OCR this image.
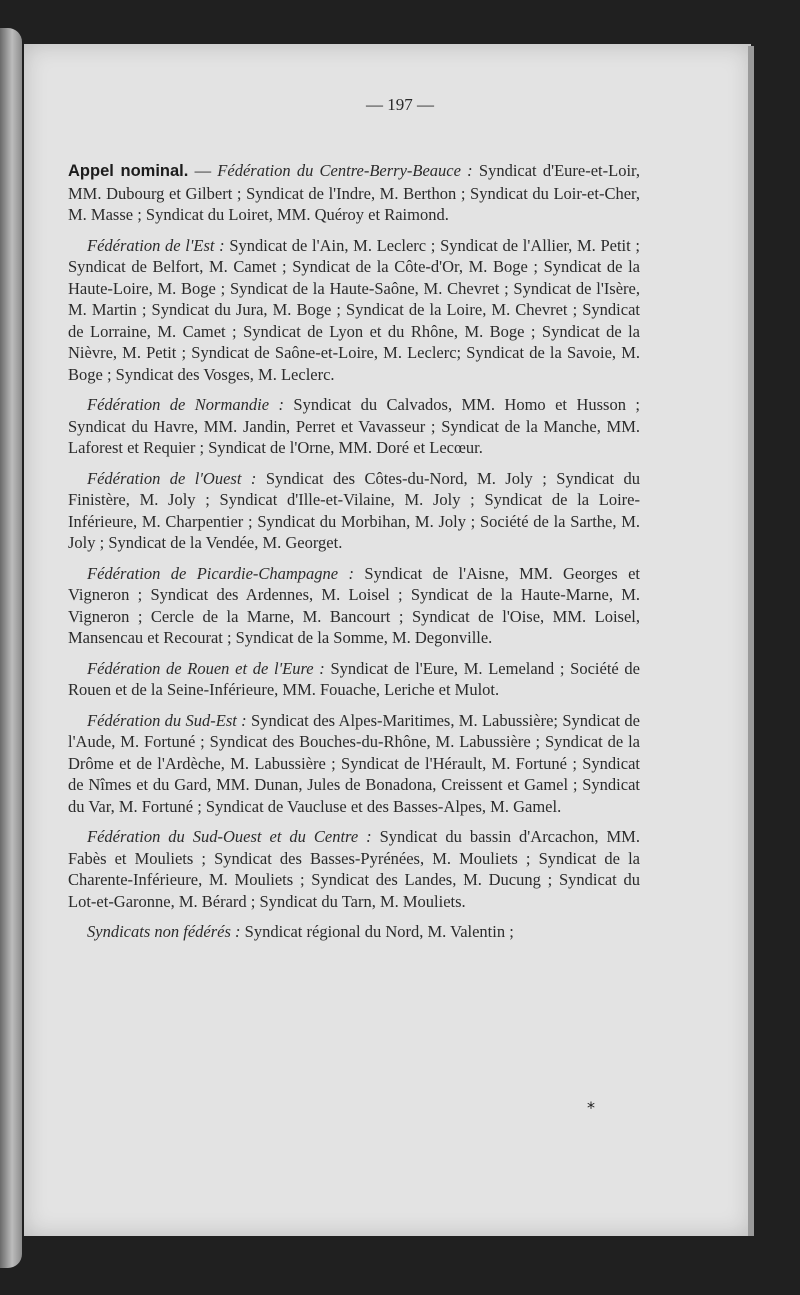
— 197 —

Appel nominal. — Fédération du Centre-Berry-Beauce : Syndicat d'Eure-et-Loir, MM. Dubourg et Gilbert ; Syndicat de l'Indre, M. Berthon ; Syndicat du Loir-et-Cher, M. Masse ; Syndicat du Loiret, MM. Quéroy et Raimond.

Fédération de l'Est : Syndicat de l'Ain, M. Leclerc ; Syndicat de l'Allier, M. Petit ; Syndicat de Belfort, M. Camet ; Syndicat de la Côte-d'Or, M. Boge ; Syndicat de la Haute-Loire, M. Boge ; Syndicat de la Haute-Saône, M. Chevret ; Syndicat de l'Isère, M. Martin ; Syndicat du Jura, M. Boge ; Syndicat de la Loire, M. Chevret ; Syndicat de Lorraine, M. Camet ; Syndicat de Lyon et du Rhône, M. Boge ; Syndicat de la Nièvre, M. Petit ; Syndicat de Saône-et-Loire, M. Leclerc; Syndicat de la Savoie, M. Boge ; Syndicat des Vosges, M. Leclerc.

Fédération de Normandie : Syndicat du Calvados, MM. Homo et Husson ; Syndicat du Havre, MM. Jandin, Perret et Vavasseur ; Syndicat de la Manche, MM. Laforest et Requier ; Syndicat de l'Orne, MM. Doré et Lecœur.

Fédération de l'Ouest : Syndicat des Côtes-du-Nord, M. Joly ; Syndicat du Finistère, M. Joly ; Syndicat d'Ille-et-Vilaine, M. Joly ; Syndicat de la Loire-Inférieure, M. Charpentier ; Syndicat du Morbihan, M. Joly ; Société de la Sarthe, M. Joly ; Syndicat de la Vendée, M. Georget.

Fédération de Picardie-Champagne : Syndicat de l'Aisne, MM. Georges et Vigneron ; Syndicat des Ardennes, M. Loisel ; Syndicat de la Haute-Marne, M. Vigneron ; Cercle de la Marne, M. Bancourt ; Syndicat de l'Oise, MM. Loisel, Mansencau et Recourat ; Syndicat de la Somme, M. Degonville.

Fédération de Rouen et de l'Eure : Syndicat de l'Eure, M. Lemeland ; Société de Rouen et de la Seine-Inférieure, MM. Fouache, Leriche et Mulot.

Fédération du Sud-Est : Syndicat des Alpes-Maritimes, M. Labussière; Syndicat de l'Aude, M. Fortuné ; Syndicat des Bouches-du-Rhône, M. Labussière ; Syndicat de la Drôme et de l'Ardèche, M. Labussière ; Syndicat de l'Hérault, M. Fortuné ; Syndicat de Nîmes et du Gard, MM. Dunan, Jules de Bonadona, Creissent et Gamel ; Syndicat du Var, M. Fortuné ; Syndicat de Vaucluse et des Basses-Alpes, M. Gamel.

Fédération du Sud-Ouest et du Centre : Syndicat du bassin d'Arcachon, MM. Fabès et Mouliets ; Syndicat des Basses-Pyrénées, M. Mouliets ; Syndicat de la Charente-Inférieure, M. Mouliets ; Syndicat des Landes, M. Ducung ; Syndicat du Lot-et-Garonne, M. Bérard ; Syndicat du Tarn, M. Mouliets.

Syndicats non fédérés : Syndicat régional du Nord, M. Valentin ;

*
